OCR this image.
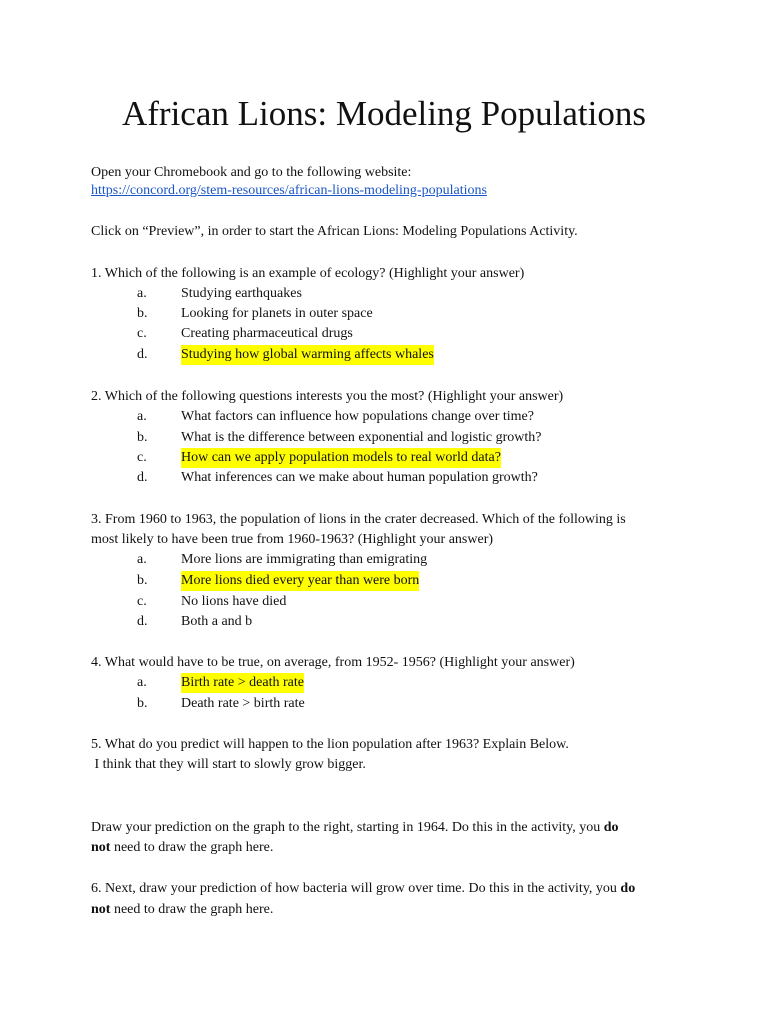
African Lions: Modeling Populations
Open your Chromebook and go to the following website:
https://concord.org/stem-resources/african-lions-modeling-populations
Click on “Preview”, in order to start the African Lions: Modeling Populations Activity.
1. Which of the following is an example of ecology? (Highlight your answer)
a. Studying earthquakes
b. Looking for planets in outer space
c. Creating pharmaceutical drugs
d. Studying how global warming affects whales
2. Which of the following questions interests you the most? (Highlight your answer)
a. What factors can influence how populations change over time?
b. What is the difference between exponential and logistic growth?
c. How can we apply population models to real world data?
d. What inferences can we make about human population growth?
3. From 1960 to 1963, the population of lions in the crater decreased. Which of the following is
most likely to have been true from 1960-1963? (Highlight your answer)
a. More lions are immigrating than emigrating
b. More lions died every year than were born
c. No lions have died
d. Both a and b
4. What would have to be true, on average, from 1952- 1956? (Highlight your answer)
a. Birth rate > death rate
b. Death rate > birth rate
5. What do you predict will happen to the lion population after 1963? Explain Below.
I think that they will start to slowly grow bigger.
Draw your prediction on the graph to the right, starting in 1964. Do this in the activity, you do
not need to draw the graph here.
6. Next, draw your prediction of how bacteria will grow over time. Do this in the activity, you do
not need to draw the graph here.
